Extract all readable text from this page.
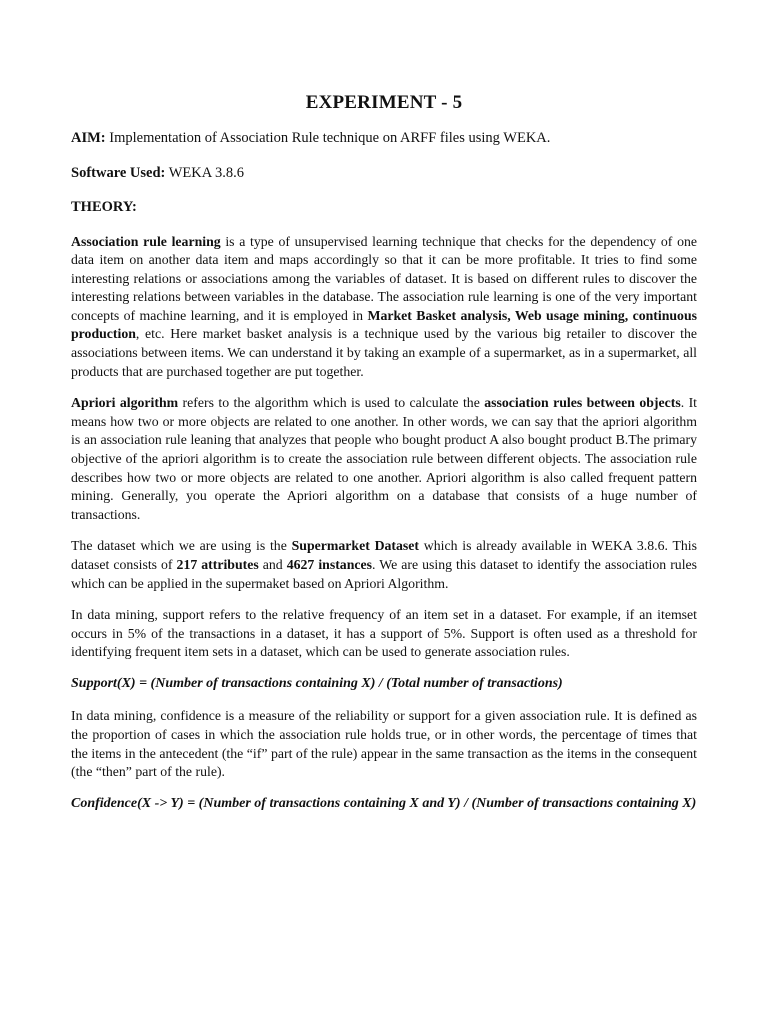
EXPERIMENT - 5

AIM: Implementation of Association Rule technique on ARFF files using WEKA.

Software Used: WEKA 3.8.6

THEORY:

Association rule learning is a type of unsupervised learning technique that checks for the dependency of one data item on another data item and maps accordingly so that it can be more profitable. It tries to find some interesting relations or associations among the variables of dataset. It is based on different rules to discover the interesting relations between variables in the database. The association rule learning is one of the very important concepts of machine learning, and it is employed in Market Basket analysis, Web usage mining, continuous production, etc. Here market basket analysis is a technique used by the various big retailer to discover the associations between items. We can understand it by taking an example of a supermarket, as in a supermarket, all products that are purchased together are put together.

Apriori algorithm refers to the algorithm which is used to calculate the association rules between objects. It means how two or more objects are related to one another. In other words, we can say that the apriori algorithm is an association rule leaning that analyzes that people who bought product A also bought product B.The primary objective of the apriori algorithm is to create the association rule between different objects. The association rule describes how two or more objects are related to one another. Apriori algorithm is also called frequent pattern mining. Generally, you operate the Apriori algorithm on a database that consists of a huge number of transactions.

The dataset which we are using is the Supermarket Dataset which is already available in WEKA 3.8.6. This dataset consists of 217 attributes and 4627 instances. We are using this dataset to identify the association rules which can be applied in the supermaket based on Apriori Algorithm.

In data mining, support refers to the relative frequency of an item set in a dataset. For example, if an itemset occurs in 5% of the transactions in a dataset, it has a support of 5%. Support is often used as a threshold for identifying frequent item sets in a dataset, which can be used to generate association rules.

Support(X) = (Number of transactions containing X) / (Total number of transactions)

In data mining, confidence is a measure of the reliability or support for a given association rule. It is defined as the proportion of cases in which the association rule holds true, or in other words, the percentage of times that the items in the antecedent (the “if” part of the rule) appear in the same transaction as the items in the consequent (the “then” part of the rule).

Confidence(X -> Y) = (Number of transactions containing X and Y) / (Number of transactions containing X)
